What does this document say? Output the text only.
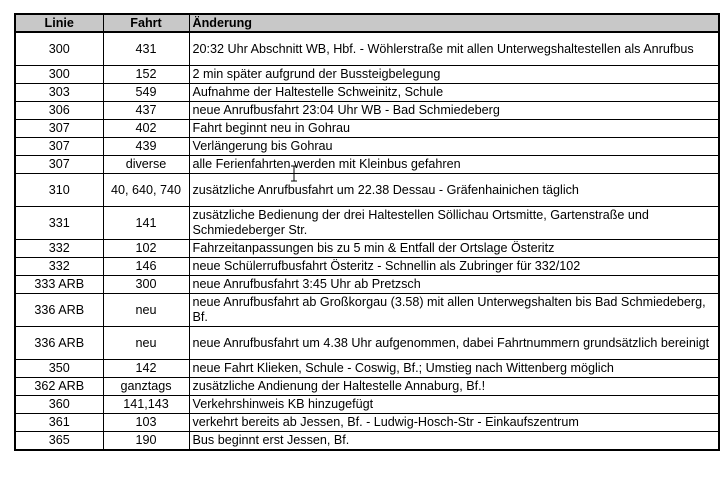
Linie	Fahrt	Änderung
300	431	20:32 Uhr Abschnitt WB, Hbf. - Wöhlerstraße mit allen Unterwegshaltestellen als Anrufbus
300	152	2 min später aufgrund der Bussteigbelegung
303	549	Aufnahme der Haltestelle Schweinitz, Schule
306	437	neue Anrufbusfahrt 23:04 Uhr WB - Bad Schmiedeberg
307	402	Fahrt beginnt neu in Gohrau
307	439	Verlängerung bis Gohrau
307	diverse	alle Ferienfahrten werden mit Kleinbus gefahren
310	40, 640, 740	zusätzliche Anrufbusfahrt um 22.38 Dessau - Gräfenhainichen täglich
331	141	zusätzliche Bedienung der drei Haltestellen Söllichau Ortsmitte, Gartenstraße und Schmiedeberger Str.
332	102	Fahrzeitanpassungen bis zu 5 min & Entfall der Ortslage Österitz
332	146	neue Schülerrufbusfahrt Österitz - Schnellin als Zubringer für 332/102
333 ARB	300	neue Anrufbusfahrt 3:45 Uhr ab Pretzsch
336 ARB	neu	neue Anrufbusfahrt ab Großkorgau (3.58) mit allen Unterwegshalten bis Bad Schmiedeberg, Bf.
336 ARB	neu	neue Anrufbusfahrt um 4.38 Uhr aufgenommen, dabei Fahrtnummern grundsätzlich bereinigt
350	142	neue Fahrt Klieken, Schule - Coswig, Bf.; Umstieg nach Wittenberg möglich
362 ARB	ganztags	zusätzliche Andienung der Haltestelle Annaburg, Bf.!
360	141,143	Verkehrshinweis KB hinzugefügt
361	103	verkehrt bereits ab Jessen, Bf. - Ludwig-Hosch-Str - Einkaufszentrum
365	190	Bus beginnt erst Jessen, Bf.
